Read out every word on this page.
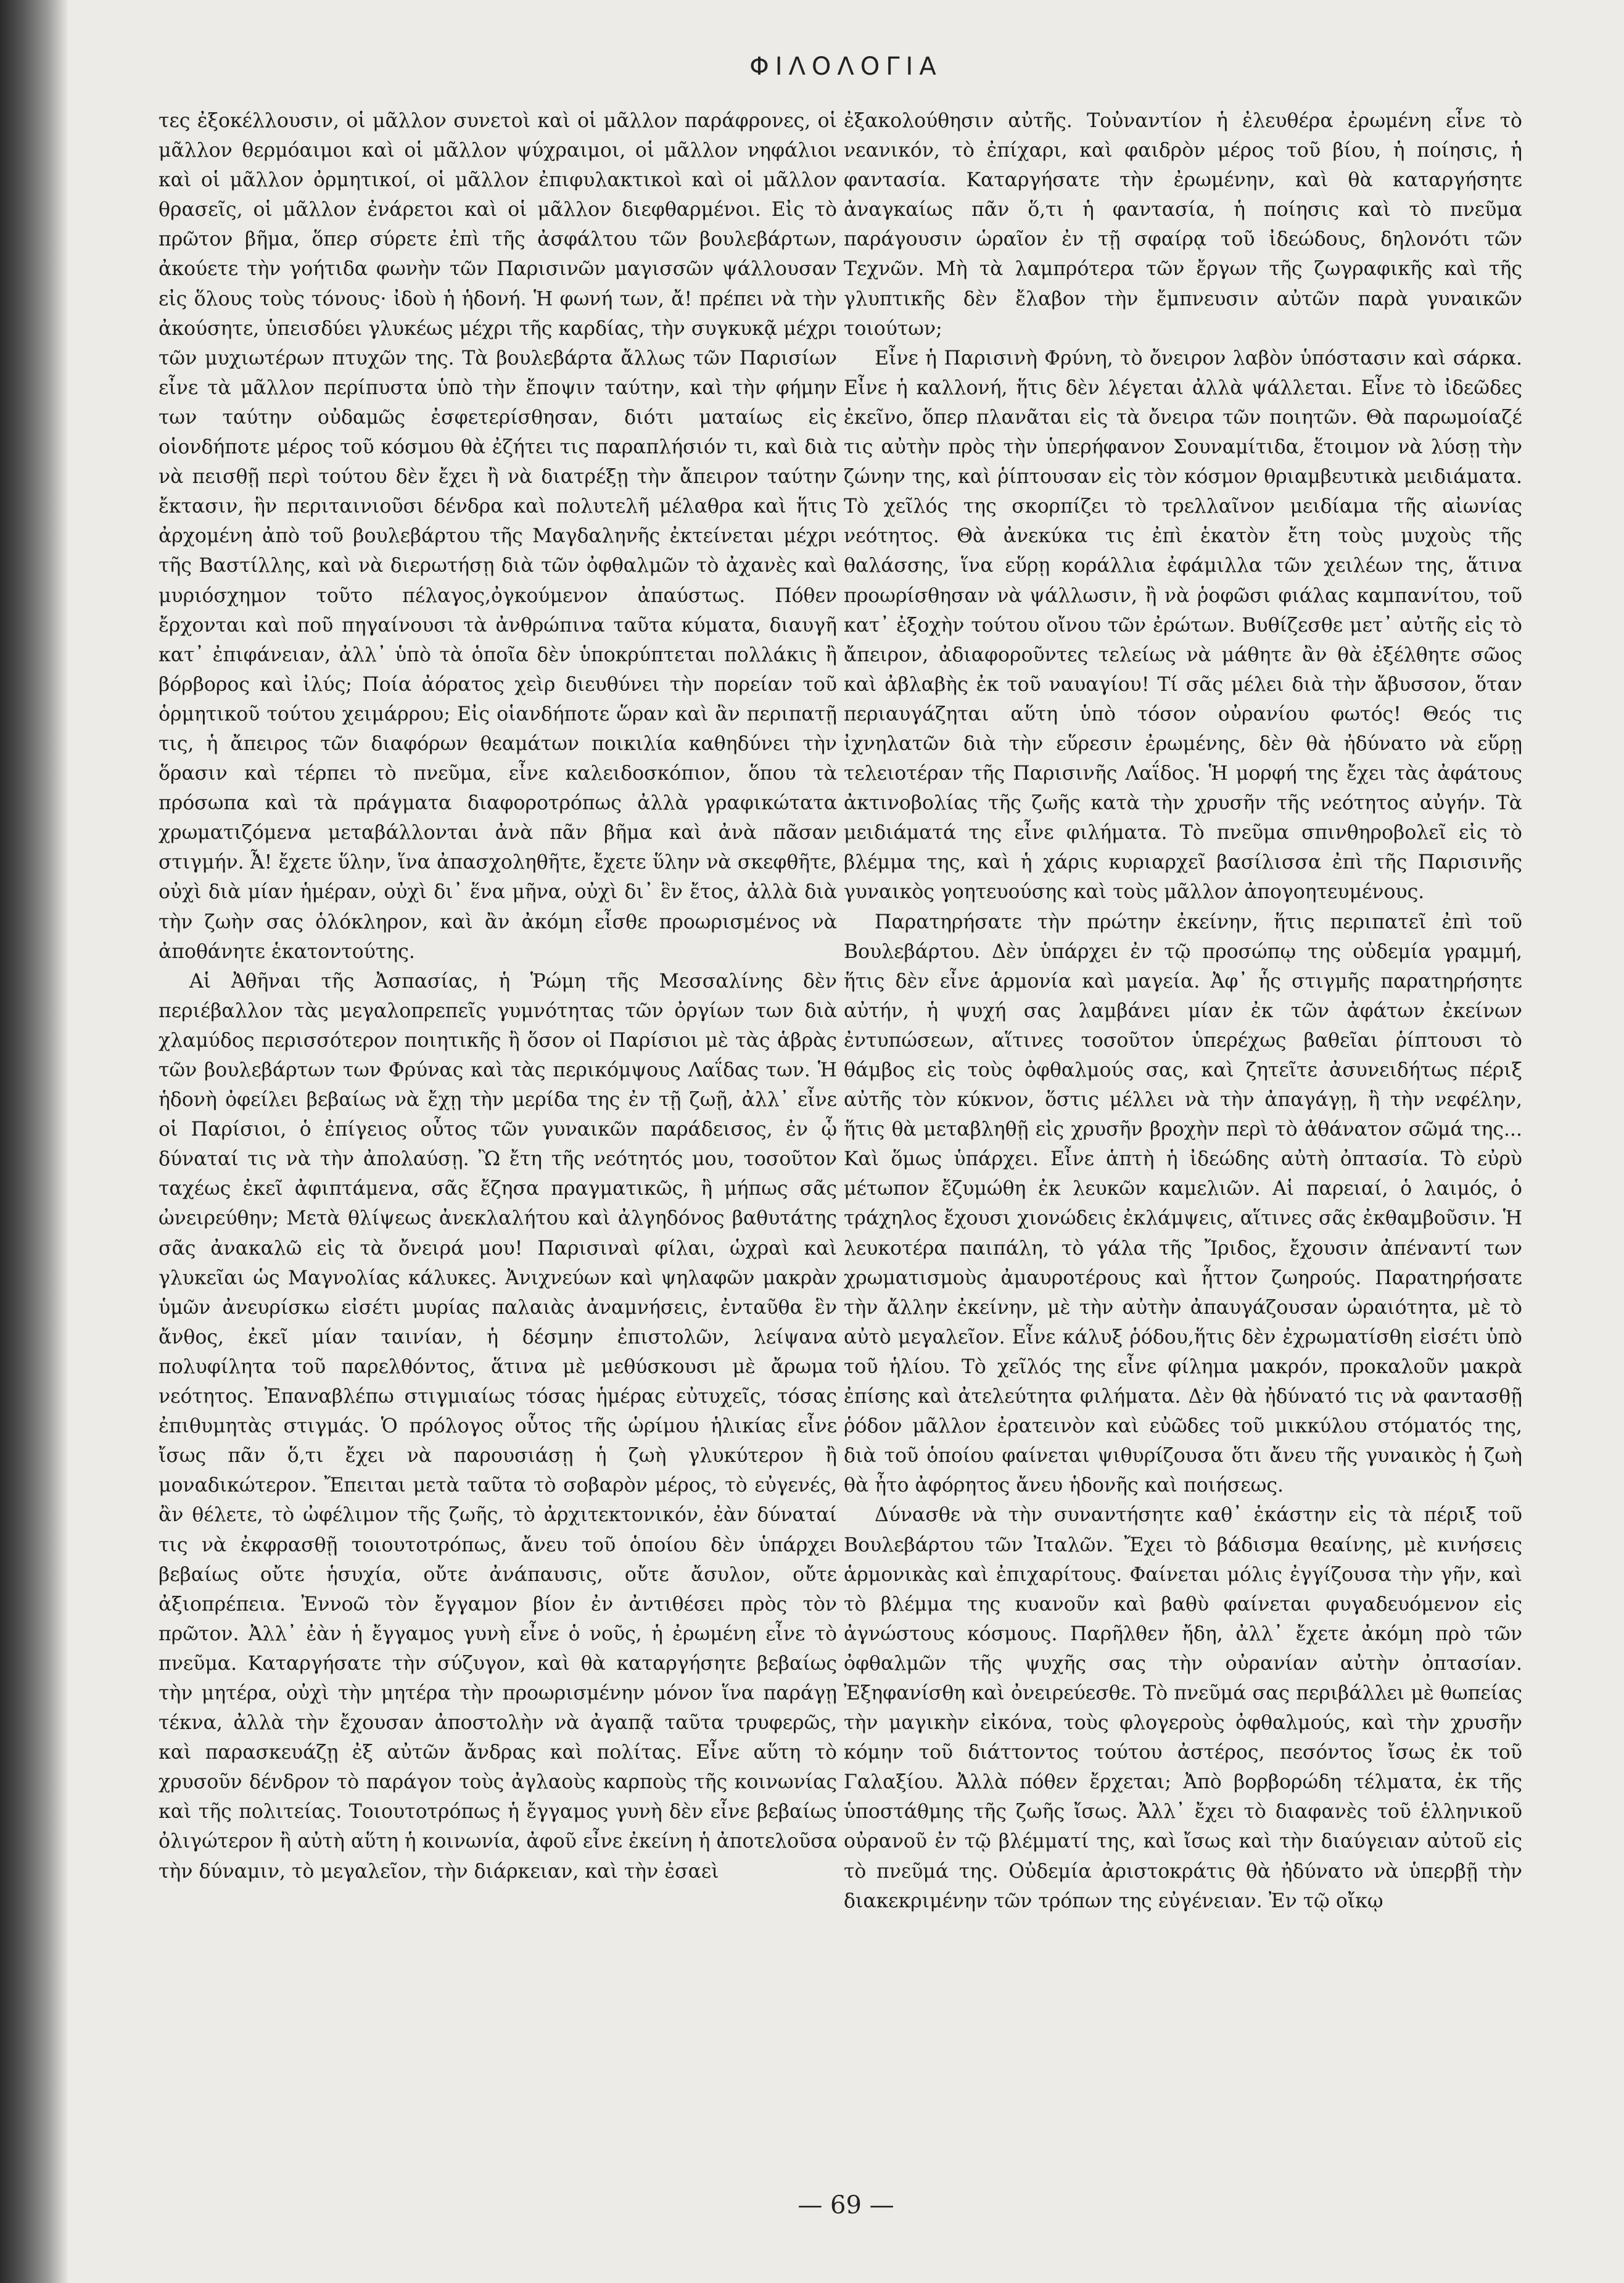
ΦΙΛΟΛΟΓΙΑ

τες ἐξοκέλλουσιν, οἱ μᾶλλον συνετοὶ καὶ οἱ μᾶλλον παράφρονες, οἱ μᾶλλον θερμόαιμοι καὶ οἱ μᾶλλον ψύχραιμοι, οἱ μᾶλλον νηφάλιοι καὶ οἱ μᾶλλον ὀρμητικοί, οἱ μᾶλλον ἐπιφυλακτικοὶ καὶ οἱ μᾶλλον θρασεῖς, οἱ μᾶλλον ἐνάρετοι καὶ οἱ μᾶλλον διεφθαρμένοι. Εἰς τὸ πρῶτον βῆμα, ὅπερ σύρετε ἐπὶ τῆς ἀσφάλτου τῶν βουλεβάρτων, ἀκούετε τὴν γοήτιδα φωνὴν τῶν Παρισινῶν μαγισσῶν ψάλλουσαν εἰς ὅλους τοὺς τόνους· ἰδοὺ ἡ ἡδονή. Ἡ φωνή των, ἄ! πρέπει νὰ τὴν ἀκούσητε, ὑπεισδύει γλυκέως μέχρι τῆς καρδίας, τὴν συγκυκᾷ μέχρι τῶν μυχιωτέρων πτυχῶν της. Τὰ βουλεβάρτα ἄλλως τῶν Παρισίων εἶνε τὰ μᾶλλον περίπυστα ὑπὸ τὴν ἔποψιν ταύτην, καὶ τὴν φήμην των ταύτην οὐδαμῶς ἐσφετερίσθησαν, διότι ματαίως εἰς οἱονδήποτε μέρος τοῦ κόσμου θὰ ἐζήτει τις παραπλήσιόν τι, καὶ διὰ νὰ πεισθῇ περὶ τούτου δὲν ἔχει ἢ νὰ διατρέξῃ τὴν ἄπειρον ταύτην ἔκτασιν, ἣν περιταινιοῦσι δένδρα καὶ πολυτελῆ μέλαθρα καὶ ἥτις ἀρχομένη ἀπὸ τοῦ βουλεβάρτου τῆς Μαγδαληνῆς ἐκτείνεται μέχρι τῆς Βαστίλλης, καὶ νὰ διερωτήσῃ διὰ τῶν ὀφθαλμῶν τὸ ἀχανὲς καὶ μυριόσχημον τοῦτο πέλαγος,ὀγκούμενον ἀπαύστως. Πόθεν ἔρχονται καὶ ποῦ πηγαίνουσι τὰ ἀνθρώπινα ταῦτα κύματα, διαυγῆ κατ᾽ ἐπιφάνειαν, ἀλλ᾽ ὑπὸ τὰ ὁποῖα δὲν ὑποκρύπτεται πολλάκις ἢ βόρβορος καὶ ἰλύς; Ποία ἀόρατος χεὶρ διευθύνει τὴν πορείαν τοῦ ὁρμητικοῦ τούτου χειμάρρου; Εἰς οἱανδήποτε ὥραν καὶ ἂν περιπατῇ τις, ἡ ἄπειρος τῶν διαφόρων θεαμάτων ποικιλία καθηδύνει τὴν ὅρασιν καὶ τέρπει τὸ πνεῦμα, εἶνε καλειδοσκόπιον, ὅπου τὰ πρόσωπα καὶ τὰ πράγματα διαφοροτρόπως ἀλλὰ γραφικώτατα χρωματιζόμενα μεταβάλλονται ἀνὰ πᾶν βῆμα καὶ ἀνὰ πᾶσαν στιγμήν. Ἆ! ἔχετε ὕλην, ἵνα ἀπασχοληθῆτε, ἔχετε ὕλην νὰ σκεφθῆτε, οὐχὶ διὰ μίαν ἡμέραν, οὐχὶ δι᾽ ἕνα μῆνα, οὐχὶ δι᾽ ἓν ἔτος, ἀλλὰ διὰ τὴν ζωὴν σας ὁλόκληρον, καὶ ἂν ἀκόμη εἶσθε προωρισμένος νὰ ἀποθάνητε ἑκατοντούτης.

Αἱ Ἀθῆναι τῆς Ἀσπασίας, ἡ Ῥώμη τῆς Μεσσαλίνης δὲν περιέβαλλον τὰς μεγαλοπρεπεῖς γυμνότητας τῶν ὀργίων των διὰ χλαμύδος περισσότερον ποιητικῆς ἢ ὅσον οἱ Παρίσιοι μὲ τὰς ἁβρὰς τῶν βουλεβάρτων των Φρύνας καὶ τὰς περικόμψους Λαΐδας των. Ἡ ἡδονὴ ὀφείλει βεβαίως νὰ ἔχῃ τὴν μερίδα της ἐν τῇ ζωῇ, ἀλλ᾽ εἶνε οἱ Παρίσιοι, ὁ ἐπίγειος οὗτος τῶν γυναικῶν παράδεισος, ἐν ᾧ δύναταί τις νὰ τὴν ἀπολαύσῃ. Ὢ ἔτη τῆς νεότητός μου, τοσοῦτον ταχέως ἐκεῖ ἀφιπτάμενα, σᾶς ἔζησα πραγματικῶς, ἢ μήπως σᾶς ὠνειρεύθην; Μετὰ θλίψεως ἀνεκλαλήτου καὶ ἀλγηδόνος βαθυτάτης σᾶς ἀνακαλῶ εἰς τὰ ὄνειρά μου! Παρισιναὶ φίλαι, ὡχραὶ καὶ γλυκεῖαι ὡς Μαγνολίας κάλυκες. Ἀνιχνεύων καὶ ψηλαφῶν μακρὰν ὑμῶν ἀνευρίσκω εἰσέτι μυρίας παλαιὰς ἀναμνήσεις, ἐνταῦθα ἓν ἄνθος, ἐκεῖ μίαν ταινίαν, ἡ δέσμην ἐπιστολῶν, λείψανα πολυφίλητα τοῦ παρελθόντος, ἅτινα μὲ μεθύσκουσι μὲ ἄρωμα νεότητος. Ἐπαναβλέπω στιγμιαίως τόσας ἡμέρας εὐτυχεῖς, τόσας ἐπιθυμητὰς στιγμάς. Ὁ πρόλογος οὗτος τῆς ὡρίμου ἡλικίας εἶνε ἴσως πᾶν ὅ,τι ἔχει νὰ παρουσιάσῃ ἡ ζωὴ γλυκύτερον ἢ μοναδικώτερον. Ἔπειται μετὰ ταῦτα τὸ σοβαρὸν μέρος, τὸ εὐγενές, ἂν θέλετε, τὸ ὠφέλιμον τῆς ζωῆς, τὸ ἀρχιτεκτονικόν, ἐὰν δύναταί τις νὰ ἐκφρασθῇ τοιουτοτρόπως, ἄνευ τοῦ ὁποίου δὲν ὑπάρχει βεβαίως οὔτε ἡσυχία, οὔτε ἀνάπαυσις, οὔτε ἄσυλον, οὔτε ἀξιοπρέπεια. Ἐννοῶ τὸν ἔγγαμον βίον ἐν ἀντιθέσει πρὸς τὸν πρῶτον. Ἀλλ᾽ ἐὰν ἡ ἔγγαμος γυνὴ εἶνε ὁ νοῦς, ἡ ἐρωμένη εἶνε τὸ πνεῦμα. Καταργήσατε τὴν σύζυγον, καὶ θὰ καταργήσητε βεβαίως τὴν μητέρα, οὐχὶ τὴν μητέρα τὴν προωρισμένην μόνον ἵνα παράγῃ τέκνα, ἀλλὰ τὴν ἔχουσαν ἀποστολὴν νὰ ἀγαπᾷ ταῦτα τρυφερῶς, καὶ παρασκευάζῃ ἐξ αὐτῶν ἄνδρας καὶ πολίτας. Εἶνε αὕτη τὸ χρυσοῦν δένδρον τὸ παράγον τοὺς ἀγλαοὺς καρποὺς τῆς κοινωνίας καὶ τῆς πολιτείας. Τοιουτοτρόπως ἡ ἔγγαμος γυνὴ δὲν εἶνε βεβαίως ὀλιγώτερον ἢ αὐτὴ αὕτη ἡ κοινωνία, ἀφοῦ εἶνε ἐκείνη ἡ ἀποτελοῦσα τὴν δύναμιν, τὸ μεγαλεῖον, τὴν διάρκειαν, καὶ τὴν ἐσαεὶ

ἐξακολούθησιν αὐτῆς. Τοὐναντίον ἡ ἐλευθέρα ἐρωμένη εἶνε τὸ νεανικόν, τὸ ἐπίχαρι, καὶ φαιδρὸν μέρος τοῦ βίου, ἡ ποίησις, ἡ φαντασία. Καταργήσατε τὴν ἐρωμένην, καὶ θὰ καταργήσητε ἀναγκαίως πᾶν ὅ,τι ἡ φαντασία, ἡ ποίησις καὶ τὸ πνεῦμα παράγουσιν ὡραῖον ἐν τῇ σφαίρᾳ τοῦ ἰδεώδους, δηλονότι τῶν Τεχνῶν. Μὴ τὰ λαμπρότερα τῶν ἔργων τῆς ζωγραφικῆς καὶ τῆς γλυπτικῆς δὲν ἔλαβον τὴν ἔμπνευσιν αὐτῶν παρὰ γυναικῶν τοιούτων;

Εἶνε ἡ Παρισινὴ Φρύνη, τὸ ὄνειρον λαβὸν ὑπόστασιν καὶ σάρκα. Εἶνε ἡ καλλονή, ἥτις δὲν λέγεται ἀλλὰ ψάλλεται. Εἶνε τὸ ἰδεῶδες ἐκεῖνο, ὅπερ πλανᾶται εἰς τὰ ὄνειρα τῶν ποιητῶν. Θὰ παρωμοίαζέ τις αὐτὴν πρὸς τὴν ὑπερήφανον Σουναμίτιδα, ἕτοιμον νὰ λύσῃ τὴν ζώνην της, καὶ ῥίπτουσαν εἰς τὸν κόσμον θριαμβευτικὰ μειδιάματα. Τὸ χεῖλός της σκορπίζει τὸ τρελλαῖνον μειδίαμα τῆς αἰωνίας νεότητος. Θὰ ἀνεκύκα τις ἐπὶ ἑκατὸν ἔτη τοὺς μυχοὺς τῆς θαλάσσης, ἵνα εὕρῃ κοράλλια ἐφάμιλλα τῶν χειλέων της, ἅτινα προωρίσθησαν νὰ ψάλλωσιν, ἢ νὰ ῥοφῶσι φιάλας καμπανίτου, τοῦ κατ᾽ ἐξοχὴν τούτου οἴνου τῶν ἐρώτων. Βυθίζεσθε μετ᾽ αὐτῆς εἰς τὸ ἄπειρον, ἀδιαφοροῦντες τελείως νὰ μάθητε ἂν θὰ ἐξέλθητε σῶος καὶ ἀβλαβὴς ἐκ τοῦ ναυαγίου! Τί σᾶς μέλει διὰ τὴν ἄβυσσον, ὅταν περιαυγάζηται αὕτη ὑπὸ τόσον οὐρανίου φωτός! Θεός τις ἰχνηλατῶν διὰ τὴν εὕρεσιν ἐρωμένης, δὲν θὰ ἠδύνατο νὰ εὕρῃ τελειοτέραν τῆς Παρισινῆς Λαΐδος. Ἡ μορφή της ἔχει τὰς ἀφάτους ἀκτινοβολίας τῆς ζωῆς κατὰ τὴν χρυσῆν τῆς νεότητος αὐγήν. Τὰ μειδιάματά της εἶνε φιλήματα. Τὸ πνεῦμα σπινθηροβολεῖ εἰς τὸ βλέμμα της, καὶ ἡ χάρις κυριαρχεῖ βασίλισσα ἐπὶ τῆς Παρισινῆς γυναικὸς γοητευούσης καὶ τοὺς μᾶλλον ἀπογοητευμένους.

Παρατηρήσατε τὴν πρώτην ἐκείνην, ἥτις περιπατεῖ ἐπὶ τοῦ Βουλεβάρτου. Δὲν ὑπάρχει ἐν τῷ προσώπῳ της οὐδεμία γραμμή, ἥτις δὲν εἶνε ἁρμονία καὶ μαγεία. Ἀφ᾽ ἧς στιγμῆς παρατηρήσητε αὐτήν, ἡ ψυχή σας λαμβάνει μίαν ἐκ τῶν ἀφάτων ἐκείνων ἐντυπώσεων, αἵτινες τοσοῦτον ὑπερέχως βαθεῖαι ῥίπτουσι τὸ θάμβος εἰς τοὺς ὀφθαλμούς σας, καὶ ζητεῖτε ἀσυνειδήτως πέριξ αὐτῆς τὸν κύκνον, ὅστις μέλλει νὰ τὴν ἀπαγάγῃ, ἢ τὴν νεφέλην, ἥτις θὰ μεταβληθῇ εἰς χρυσῆν βροχὴν περὶ τὸ ἀθάνατον σῶμά της... Καὶ ὅμως ὑπάρχει. Εἶνε ἁπτὴ ἡ ἰδεώδης αὐτὴ ὀπτασία. Τὸ εὐρὺ μέτωπον ἔζυμώθη ἐκ λευκῶν καμελιῶν. Αἱ παρειαί, ὁ λαιμός, ὁ τράχηλος ἔχουσι χιονώδεις ἐκλάμψεις, αἵτινες σᾶς ἐκθαμβοῦσιν. Ἡ λευκοτέρα παιπάλη, τὸ γάλα τῆς Ἴριδος, ἔχουσιν ἀπέναντί των χρωματισμοὺς ἀμαυροτέρους καὶ ἧττον ζωηρούς. Παρατηρήσατε τὴν ἄλλην ἐκείνην, μὲ τὴν αὐτὴν ἀπαυγάζουσαν ὡραιότητα, μὲ τὸ αὐτὸ μεγαλεῖον. Εἶνε κάλυξ ῥόδου,ἥτις δὲν ἐχρωματίσθη εἰσέτι ὑπὸ τοῦ ἡλίου. Τὸ χεῖλός της εἶνε φίλημα μακρόν, προκαλοῦν μακρὰ ἐπίσης καὶ ἀτελεύτητα φιλήματα. Δὲν θὰ ἠδύνατό τις νὰ φαντασθῇ ῥόδον μᾶλλον ἐρατεινὸν καὶ εὐῶδες τοῦ μικκύλου στόματός της, διὰ τοῦ ὁποίου φαίνεται ψιθυρίζουσα ὅτι ἄνευ τῆς γυναικὸς ἡ ζωὴ θὰ ἦτο ἀφόρητος ἄνευ ἡδονῆς καὶ ποιήσεως.

Δύνασθε νὰ τὴν συναντήσητε καθ᾽ ἑκάστην εἰς τὰ πέριξ τοῦ Βουλεβάρτου τῶν Ἰταλῶν. Ἔχει τὸ βάδισμα θεαίνης, μὲ κινήσεις ἁρμονικὰς καὶ ἐπιχαρίτους. Φαίνεται μόλις ἐγγίζουσα τὴν γῆν, καὶ τὸ βλέμμα της κυανοῦν καὶ βαθὺ φαίνεται φυγαδευόμενον εἰς ἀγνώστους κόσμους. Παρῆλθεν ἤδη, ἀλλ᾽ ἔχετε ἀκόμη πρὸ τῶν ὀφθαλμῶν τῆς ψυχῆς σας τὴν οὐρανίαν αὐτὴν ὀπτασίαν. Ἐξηφανίσθη καὶ ὀνειρεύεσθε. Τὸ πνεῦμά σας περιβάλλει μὲ θωπείας τὴν μαγικὴν εἰκόνα, τοὺς φλογεροὺς ὀφθαλμούς, καὶ τὴν χρυσῆν κόμην τοῦ διάττοντος τούτου ἀστέρος, πεσόντος ἴσως ἐκ τοῦ Γαλαξίου. Ἀλλὰ πόθεν ἔρχεται; Ἀπὸ βορβορώδη τέλματα, ἐκ τῆς ὑποστάθμης τῆς ζωῆς ἴσως. Ἀλλ᾽ ἔχει τὸ διαφανὲς τοῦ ἑλληνικοῦ οὐρανοῦ ἐν τῷ βλέμματί της, καὶ ἴσως καὶ τὴν διαύγειαν αὐτοῦ εἰς τὸ πνεῦμά της. Οὐδεμία ἀριστοκράτις θὰ ἠδύνατο νὰ ὑπερβῇ τὴν διακεκριμένην τῶν τρόπων της εὐγένειαν. Ἐν τῷ οἴκῳ

— 69 —
